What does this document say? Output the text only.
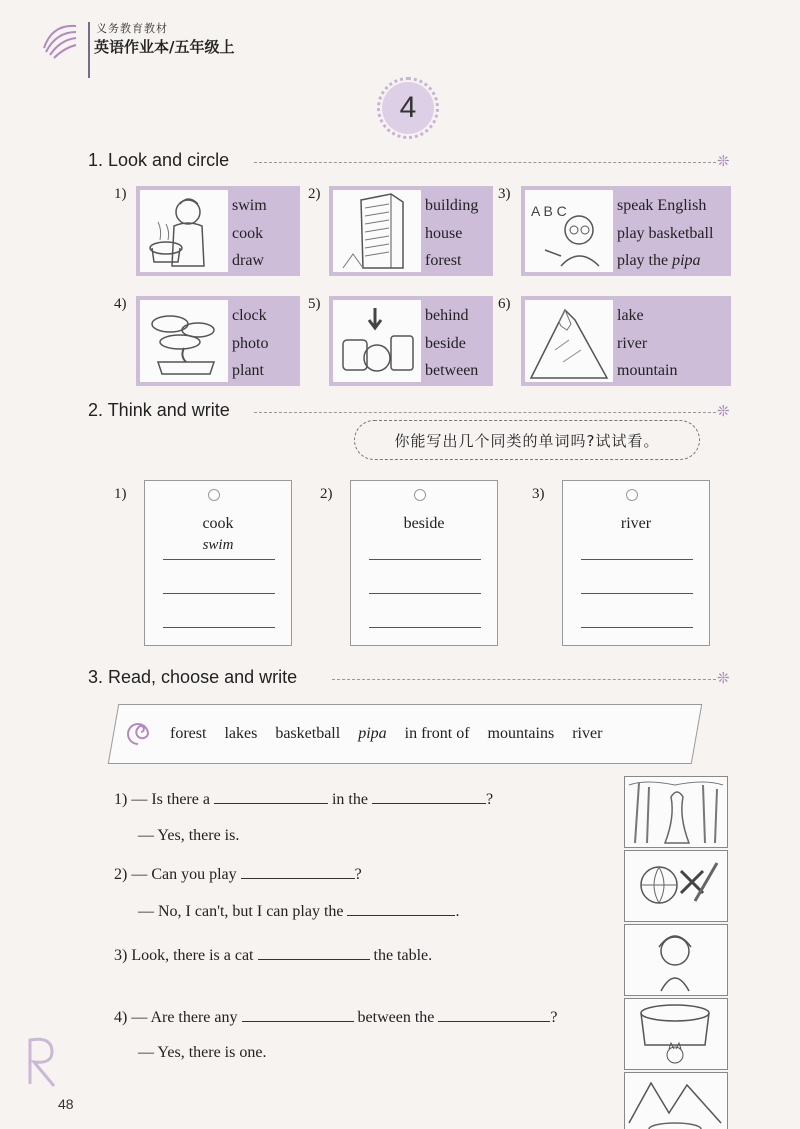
义务教育教材
英语作业本/五年级上
4
1. Look and circle	❊
1)
swim
cook
draw
2)
building
house
forest
3)
A B C	speak English
play basketball
play the pipa
4)
clock
photo
plant
5)
behind
beside
between
6)
lake
river
mountain
2. Think and write	❊
你能写出几个同类的单词吗?试试看。
1)
cook
swim
2)
beside
3)
river
3. Read, choose and write	❊
forest lakes basketball pipa in front of mountains river
1) — Is there a	in the	?
— Yes, there is.
2) — Can you play	?
— No, I can't, but I can play the	.
3) Look, there is a cat	the table.
4) — Are there any	between the	?
— Yes, there is one.
48
